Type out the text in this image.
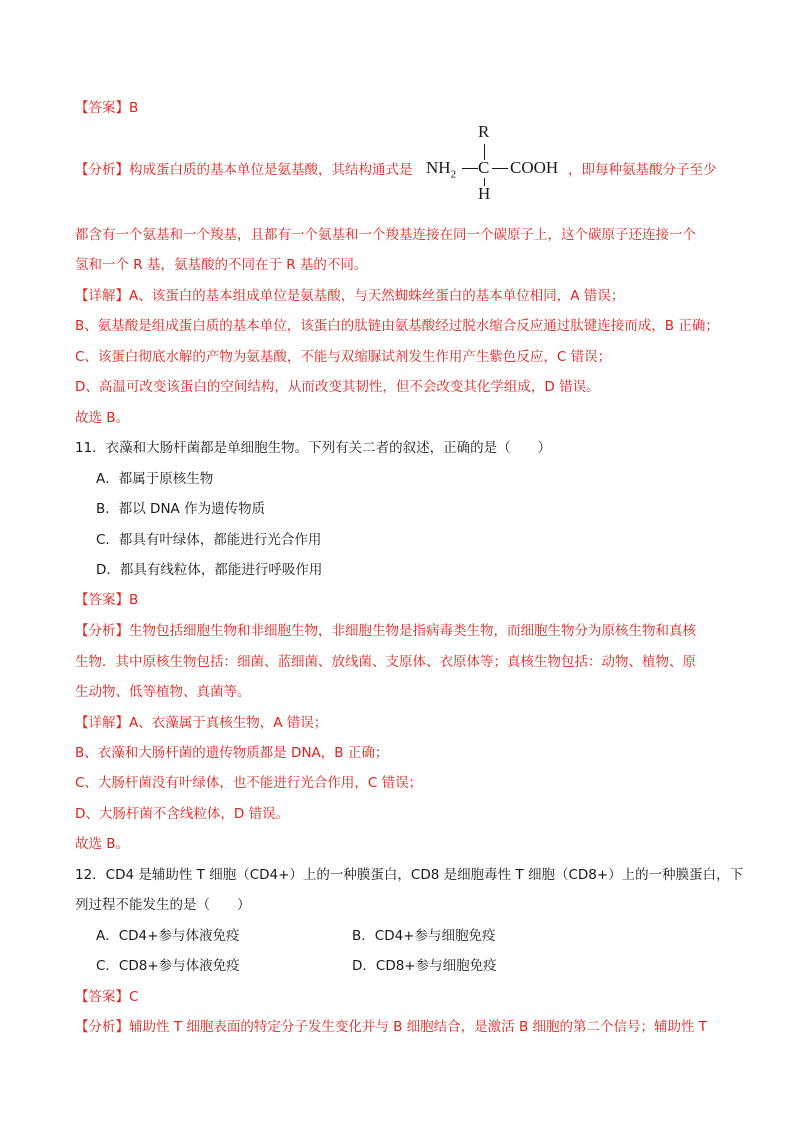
【答案】B
【分析】构成蛋白质的基本单位是氨基酸，其结构通式是
R
$NH_2$ C COOH
H
，即每种氨基酸分子至少
都含有一个氨基和一个羧基，且都有一个氨基和一个羧基连接在同一个碳原子上，这个碳原子还连接一个
氢和一个 R 基，氨基酸的不同在于 R 基的不同。
【详解】A、该蛋白的基本组成单位是氨基酸，与天然蜘蛛丝蛋白的基本单位相同，A 错误；
B、氨基酸是组成蛋白质的基本单位，该蛋白的肽链由氨基酸经过脱水缩合反应通过肽键连接而成，B 正确；
C、该蛋白彻底水解的产物为氨基酸，不能与双缩脲试剂发生作用产生紫色反应，C 错误；
D、高温可改变该蛋白的空间结构，从而改变其韧性，但不会改变其化学组成，D 错误。
故选 B。
11．衣藻和大肠杆菌都是单细胞生物。下列有关二者的叙述，正确的是（　　）
A．都属于原核生物
B．都以 DNA 作为遗传物质
C．都具有叶绿体，都能进行光合作用
D．都具有线粒体，都能进行呼吸作用
【答案】B
【分析】生物包括细胞生物和非细胞生物，非细胞生物是指病毒类生物，而细胞生物分为原核生物和真核
生物．其中原核生物包括：细菌、蓝细菌、放线菌、支原体、衣原体等；真核生物包括：动物、植物、原
生动物、低等植物、真菌等。
【详解】A、衣藻属于真核生物，A 错误；
B、衣藻和大肠杆菌的遗传物质都是 DNA，B 正确；
C、大肠杆菌没有叶绿体，也不能进行光合作用，C 错误；
D、大肠杆菌不含线粒体，D 错误。
故选 B。
12．CD4 是辅助性 T 细胞（CD4+）上的一种膜蛋白，CD8 是细胞毒性 T 细胞（CD8+）上的一种膜蛋白，下
列过程不能发生的是（　　）
A．CD4+参与体液免疫	B．CD4+参与细胞免疫
C．CD8+参与体液免疫	D．CD8+参与细胞免疫
【答案】C
【分析】辅助性 T 细胞表面的特定分子发生变化并与 B 细胞结合，是激活 B 细胞的第二个信号；辅助性 T
